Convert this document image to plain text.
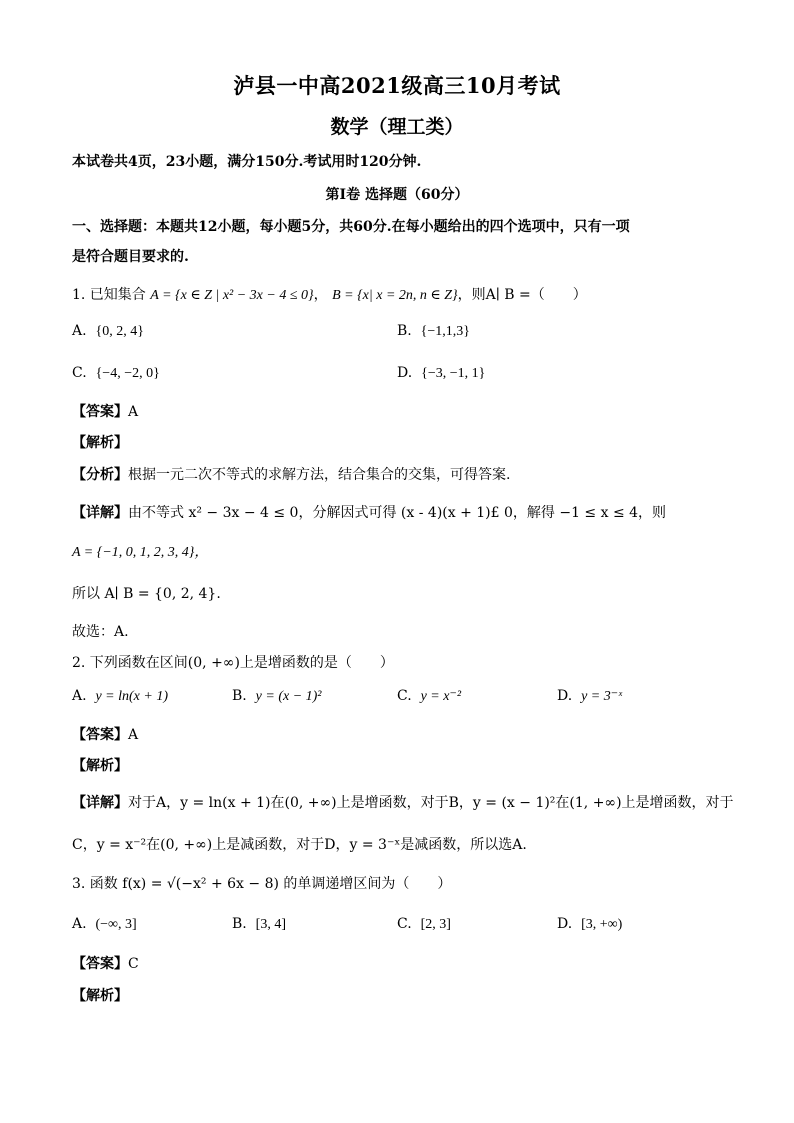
泸县一中高2021级高三10月考试
数学（理工类）
本试卷共4页，23小题，满分150分.考试用时120分钟.
第I卷 选择题（60分）
一、选择题：本题共12小题，每小题5分，共60分.在每小题给出的四个选项中，只有一项
是符合题目要求的.
1. 已知集合 A = {x ∈ Z | x² − 3x − 4 ≤ 0}， B = {x| x = 2n, n ∈ Z}，则A∣ B =（　　）
A. {0, 2, 4}	B. {−1,1,3}
C. {−4, −2, 0}	D. {−3, −1, 1}
【答案】A
【解析】
【分析】根据一元二次不等式的求解方法，结合集合的交集，可得答案.
【详解】由不等式 x² − 3x − 4 ≤ 0，分解因式可得 (x - 4)(x + 1)£ 0，解得 −1 ≤ x ≤ 4，则
A = {−1, 0, 1, 2, 3, 4}，
所以 A∣ B = {0, 2, 4}.
故选：A.
2. 下列函数在区间(0, +∞)上是增函数的是（　　）
A. y = ln(x + 1)	B. y = (x − 1)²	C. y = x⁻²	D. y = 3⁻ˣ
【答案】A
【解析】
【详解】对于A，y = ln(x + 1)在(0, +∞)上是增函数，对于B，y = (x − 1)²在(1, +∞)上是增函数，对于
C，y = x⁻²在(0, +∞)上是减函数，对于D，y = 3⁻ˣ是减函数，所以选A.
3. 函数 f(x) = √(−x² + 6x − 8) 的单调递增区间为（　　）
A. (−∞, 3]	B. [3, 4]	C. [2, 3]	D. [3, +∞)
【答案】C
【解析】
